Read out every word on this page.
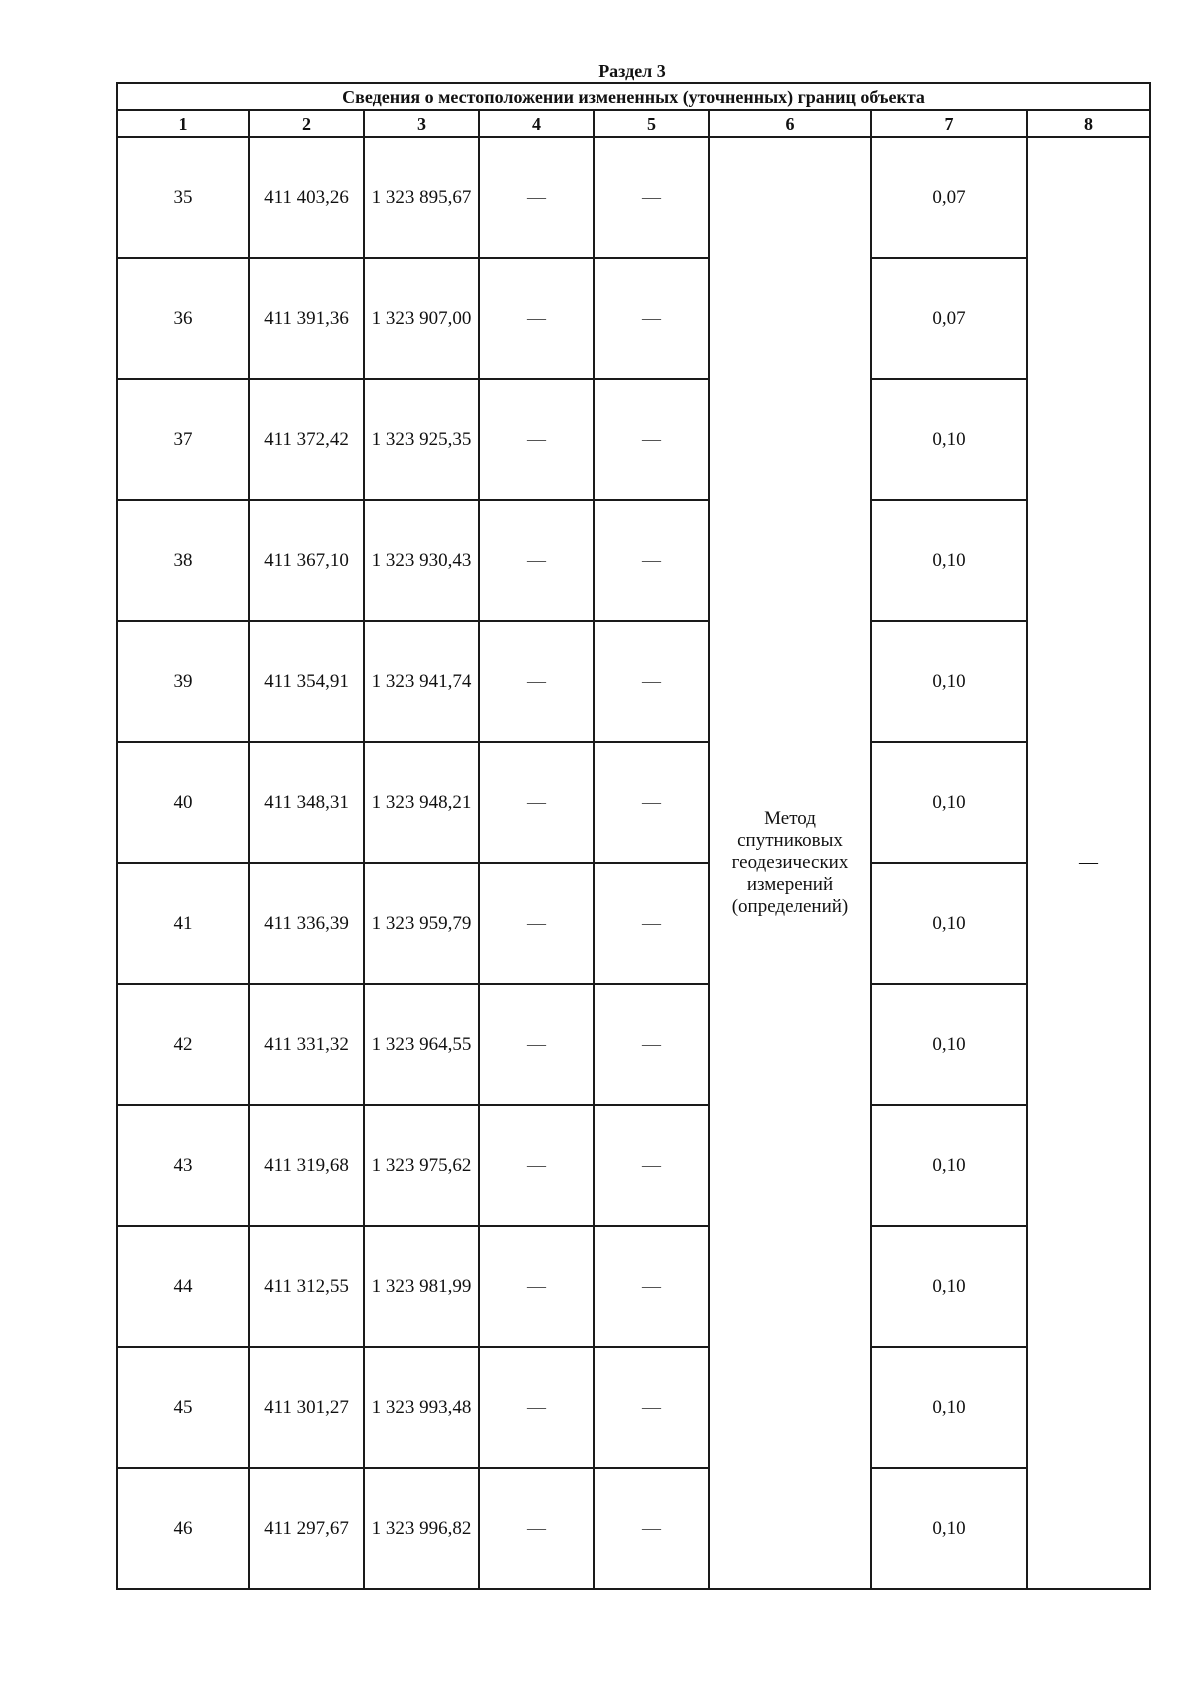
Раздел 3
Сведения о местоположении измененных (уточненных) границ объекта							
1	2	3	4	5	6	7	8
35	411 403,26	1 323 895,67	—	—	Метод
спутниковых
геодезических
измерений
(определений)	0,07	—
36	411 391,36	1 323 907,00	—	—		0,07	
37	411 372,42	1 323 925,35	—	—		0,10	
38	411 367,10	1 323 930,43	—	—		0,10	
39	411 354,91	1 323 941,74	—	—		0,10	
40	411 348,31	1 323 948,21	—	—		0,10	
41	411 336,39	1 323 959,79	—	—		0,10	
42	411 331,32	1 323 964,55	—	—		0,10	
43	411 319,68	1 323 975,62	—	—		0,10	
44	411 312,55	1 323 981,99	—	—		0,10	
45	411 301,27	1 323 993,48	—	—		0,10	
46	411 297,67	1 323 996,82	—	—		0,10	
